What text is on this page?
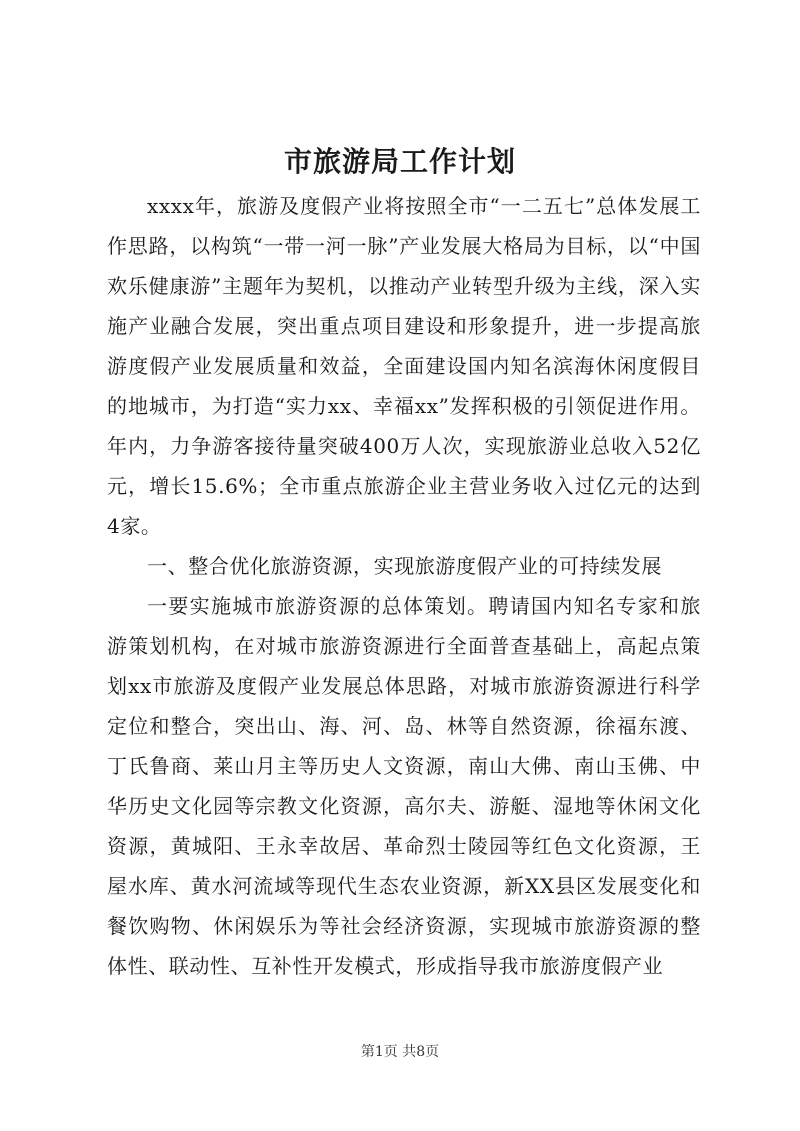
市旅游局工作计划

xxxx年，旅游及度假产业将按照全市“一二五七”总体发展工作思路，以构筑“一带一河一脉”产业发展大格局为目标，以“中国欢乐健康游”主题年为契机，以推动产业转型升级为主线，深入实施产业融合发展，突出重点项目建设和形象提升，进一步提高旅游度假产业发展质量和效益，全面建设国内知名滨海休闲度假目的地城市，为打造“实力xx、幸福xx”发挥积极的引领促进作用。年内，力争游客接待量突破400万人次，实现旅游业总收入52亿元，增长15.6%；全市重点旅游企业主营业务收入过亿元的达到4家。

一、整合优化旅游资源，实现旅游度假产业的可持续发展

一要实施城市旅游资源的总体策划。聘请国内知名专家和旅游策划机构，在对城市旅游资源进行全面普查基础上，高起点策划xx市旅游及度假产业发展总体思路，对城市旅游资源进行科学定位和整合，突出山、海、河、岛、林等自然资源，徐福东渡、丁氏鲁商、莱山月主等历史人文资源，南山大佛、南山玉佛、中华历史文化园等宗教文化资源，高尔夫、游艇、湿地等休闲文化资源，黄城阳、王永幸故居、革命烈士陵园等红色文化资源，王屋水库、黄水河流域等现代生态农业资源，新XX县区发展变化和餐饮购物、休闲娱乐为等社会经济资源，实现城市旅游资源的整体性、联动性、互补性开发模式，形成指导我市旅游度假产业

第1页 共8页
